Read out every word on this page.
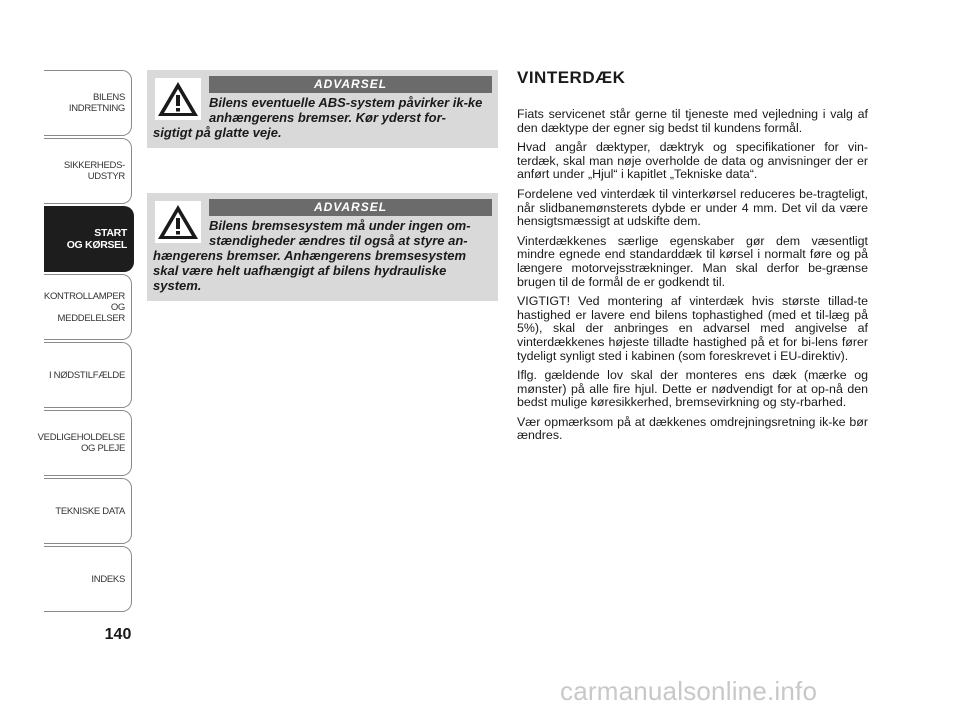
BILENS
INDRETNING
SIKKERHEDS-
UDSTYR
START
OG KØRSEL
KONTROLLAMPER
OG MEDDELELSER
I NØDSTILFÆLDE
VEDLIGEHOLDELSE
OG PLEJE
TEKNISKE DATA
INDEKS
140
ADVARSEL
Bilens eventuelle ABS-system påvirker ik-ke anhængerens bremser. Kør yderst for-
sigtigt på glatte veje.
ADVARSEL
Bilens bremsesystem må under ingen om-stændigheder ændres til også at styre an-
hængerens bremser. Anhængerens bremsesystem skal være helt uafhængigt af bilens hydrauliske system.
VINTERDÆK

Fiats servicenet står gerne til tjeneste med vejledning i valg af den dæktype der egner sig bedst til kundens formål.

Hvad angår dæktyper, dæktryk og specifikationer for vin-terdæk, skal man nøje overholde de data og anvisninger der er anført under „Hjul“ i kapitlet „Tekniske data“.

Fordelene ved vinterdæk til vinterkørsel reduceres be-tragteligt, når slidbanemønsterets dybde er under 4 mm. Det vil da være hensigtsmæssigt at udskifte dem.

Vinterdækkenes særlige egenskaber gør dem væsentligt mindre egnede end standarddæk til kørsel i normalt føre og på længere motorvejsstrækninger. Man skal derfor be-grænse brugen til de formål de er godkendt til.

VIGTIGT! Ved montering af vinterdæk hvis største tillad-te hastighed er lavere end bilens tophastighed (med et til-læg på 5%), skal der anbringes en advarsel med angivelse af vinterdækkenes højeste tilladte hastighed på et for bi-lens fører tydeligt synligt sted i kabinen (som foreskrevet i EU-direktiv).

Iflg. gældende lov skal der monteres ens dæk (mærke og mønster) på alle fire hjul. Dette er nødvendigt for at op-nå den bedst mulige køresikkerhed, bremsevirkning og sty-rbarhed.

Vær opmærksom på at dækkenes omdrejningsretning ik-ke bør ændres.

carmanualsonline.info
